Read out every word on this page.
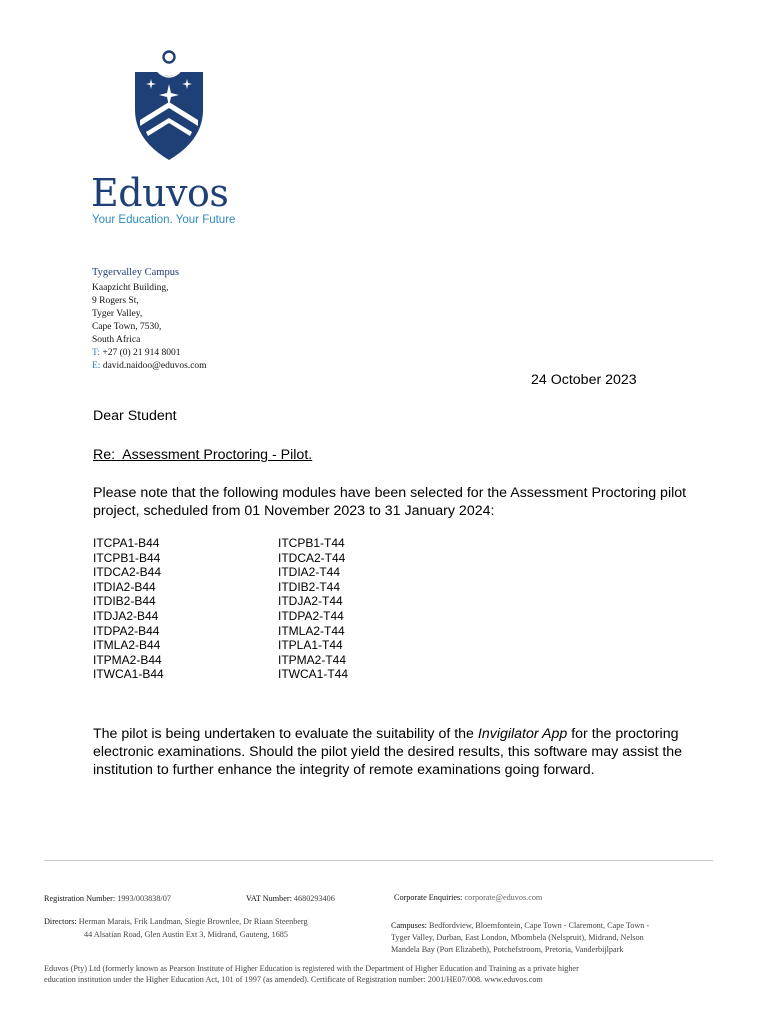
Eduvos
Your Education. Your Future
Tygervalley Campus
Kaapzicht Building,
9 Rogers St,
Tyger Valley,
Cape Town, 7530,
South Africa
T: +27 (0) 21 914 8001
E: david.naidoo@eduvos.com
24 October 2023
Dear Student
Re:  Assessment Proctoring - Pilot.
Please note that the following modules have been selected for the Assessment Proctoring pilot project, scheduled from 01 November 2023 to 31 January 2024:
ITCPA1-B44
ITCPB1-B44
ITDCA2-B44
ITDIA2-B44
ITDIB2-B44
ITDJA2-B44
ITDPA2-B44
ITMLA2-B44
ITPMA2-B44
ITWCA1-B44
ITCPB1-T44
ITDCA2-T44
ITDIA2-T44
ITDIB2-T44
ITDJA2-T44
ITDPA2-T44
ITMLA2-T44
ITPLA1-T44
ITPMA2-T44
ITWCA1-T44
The pilot is being undertaken to evaluate the suitability of the Invigilator App for the proctoring electronic examinations. Should the pilot yield the desired results, this software may assist the institution to further enhance the integrity of remote examinations going forward.
Registration Number: 1993/003838/07	VAT Number: 4680293406	Corporate Enquiries: corporate@eduvos.com
Directors: Herman Marais, Frik Landman, Siegie Brownlee, Dr Riaan Steenberg
44 Alsatian Road, Glen Austin Ext 3, Midrand, Gauteng, 1685
Campuses: Bedfordview, Bloemfontein, Cape Town - Claremont, Cape Town -
Tyger Valley, Durban, East London, Mbombela (Nelspruit), Midrand, Nelson
Mandela Bay (Port Elizabeth), Potchefstroom, Pretoria, Vanderbijlpark
Eduvos (Pty) Ltd (formerly known as Pearson Institute of Higher Education is registered with the Department of Higher Education and Training as a private higher
education institution under the Higher Education Act, 101 of 1997 (as amended). Certificate of Registration number: 2001/HE07/008. www.eduvos.com
